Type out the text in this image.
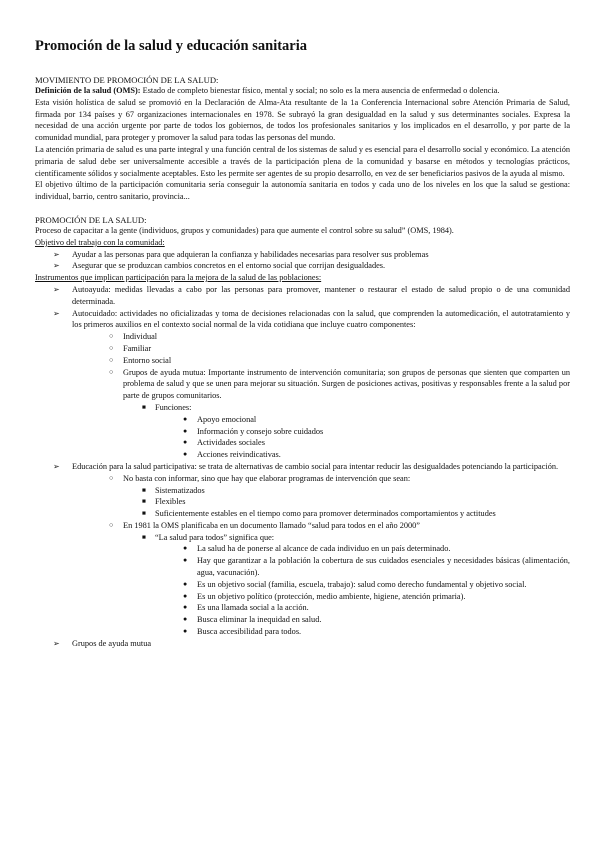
Promoción de la salud y educación sanitaria

MOVIMIENTO DE PROMOCIÓN DE LA SALUD:

Definición de la salud (OMS): Estado de completo bienestar físico, mental y social; no solo es la mera ausencia de enfermedad o dolencia.

Esta visión holística de salud se promovió en la Declaración de Alma-Ata resultante de la 1a Conferencia Internacional sobre Atención Primaria de Salud, firmada por 134 países y 67 organizaciones internacionales en 1978. Se subrayó la gran desigualdad en la salud y sus determinantes sociales. Expresa la necesidad de una acción urgente por parte de todos los gobiernos, de todos los profesionales sanitarios y los implicados en el desarrollo, y por parte de la comunidad mundial, para proteger y promover la salud para todas las personas del mundo.

La atención primaria de salud es una parte integral y una función central de los sistemas de salud y es esencial para el desarrollo social y económico. La atención primaria de salud debe ser universalmente accesible a través de la participación plena de la comunidad y basarse en métodos y tecnologías prácticos, científicamente sólidos y socialmente aceptables. Esto les permite ser agentes de su propio desarrollo, en vez de ser beneficiarios pasivos de la ayuda al mismo.

El objetivo último de la participación comunitaria sería conseguir la autonomía sanitaria en todos y cada uno de los niveles en los que la salud se gestiona: individual, barrio, centro sanitario, provincia...

PROMOCIÓN DE LA SALUD:

Proceso de capacitar a la gente (individuos, grupos y comunidades) para que aumente el control sobre su salud” (OMS, 1984).

Objetivo del trabajo con la comunidad:

➢ Ayudar a las personas para que adquieran la confianza y habilidades necesarias para resolver sus problemas
➢ Asegurar que se produzcan cambios concretos en el entorno social que corrijan desigualdades.

Instrumentos que implican participación para la mejora de la salud de las poblaciones:

➢ Autoayuda: medidas llevadas a cabo por las personas para promover, mantener o restaurar el estado de salud propio o de una comunidad determinada.
➢ Autocuidado: actividades no oficializadas y toma de decisiones relacionadas con la salud, que comprenden la automedicación, el autotratamiento y los primeros auxilios en el contexto social normal de la vida cotidiana que incluye cuatro componentes:
○ Individual
○ Familiar
○ Entorno social
○ Grupos de ayuda mutua: Importante instrumento de intervención comunitaria; son grupos de personas que sienten que comparten un problema de salud y que se unen para mejorar su situación. Surgen de posiciones activas, positivas y responsables frente a la salud por parte de grupos comunitarios.
■ Funciones:
● Apoyo emocional
● Información y consejo sobre cuidados
● Actividades sociales
● Acciones reivindicativas.
➢ Educación para la salud participativa: se trata de alternativas de cambio social para intentar reducir las desigualdades potenciando la participación.
○ No basta con informar, sino que hay que elaborar programas de intervención que sean:
■ Sistematizados
■ Flexibles
■ Suficientemente estables en el tiempo como para promover determinados comportamientos y actitudes
○ En 1981 la OMS planificaba en un documento llamado “salud para todos en el año 2000”
■ “La salud para todos” significa que:
● La salud ha de ponerse al alcance de cada individuo en un país determinado.
● Hay que garantizar a la población la cobertura de sus cuidados esenciales y necesidades básicas (alimentación, agua, vacunación).
● Es un objetivo social (familia, escuela, trabajo): salud como derecho fundamental y objetivo social.
● Es un objetivo político (protección, medio ambiente, higiene, atención primaria).
● Es una llamada social a la acción.
● Busca eliminar la inequidad en salud.
● Busca accesibilidad para todos.
➢ Grupos de ayuda mutua
